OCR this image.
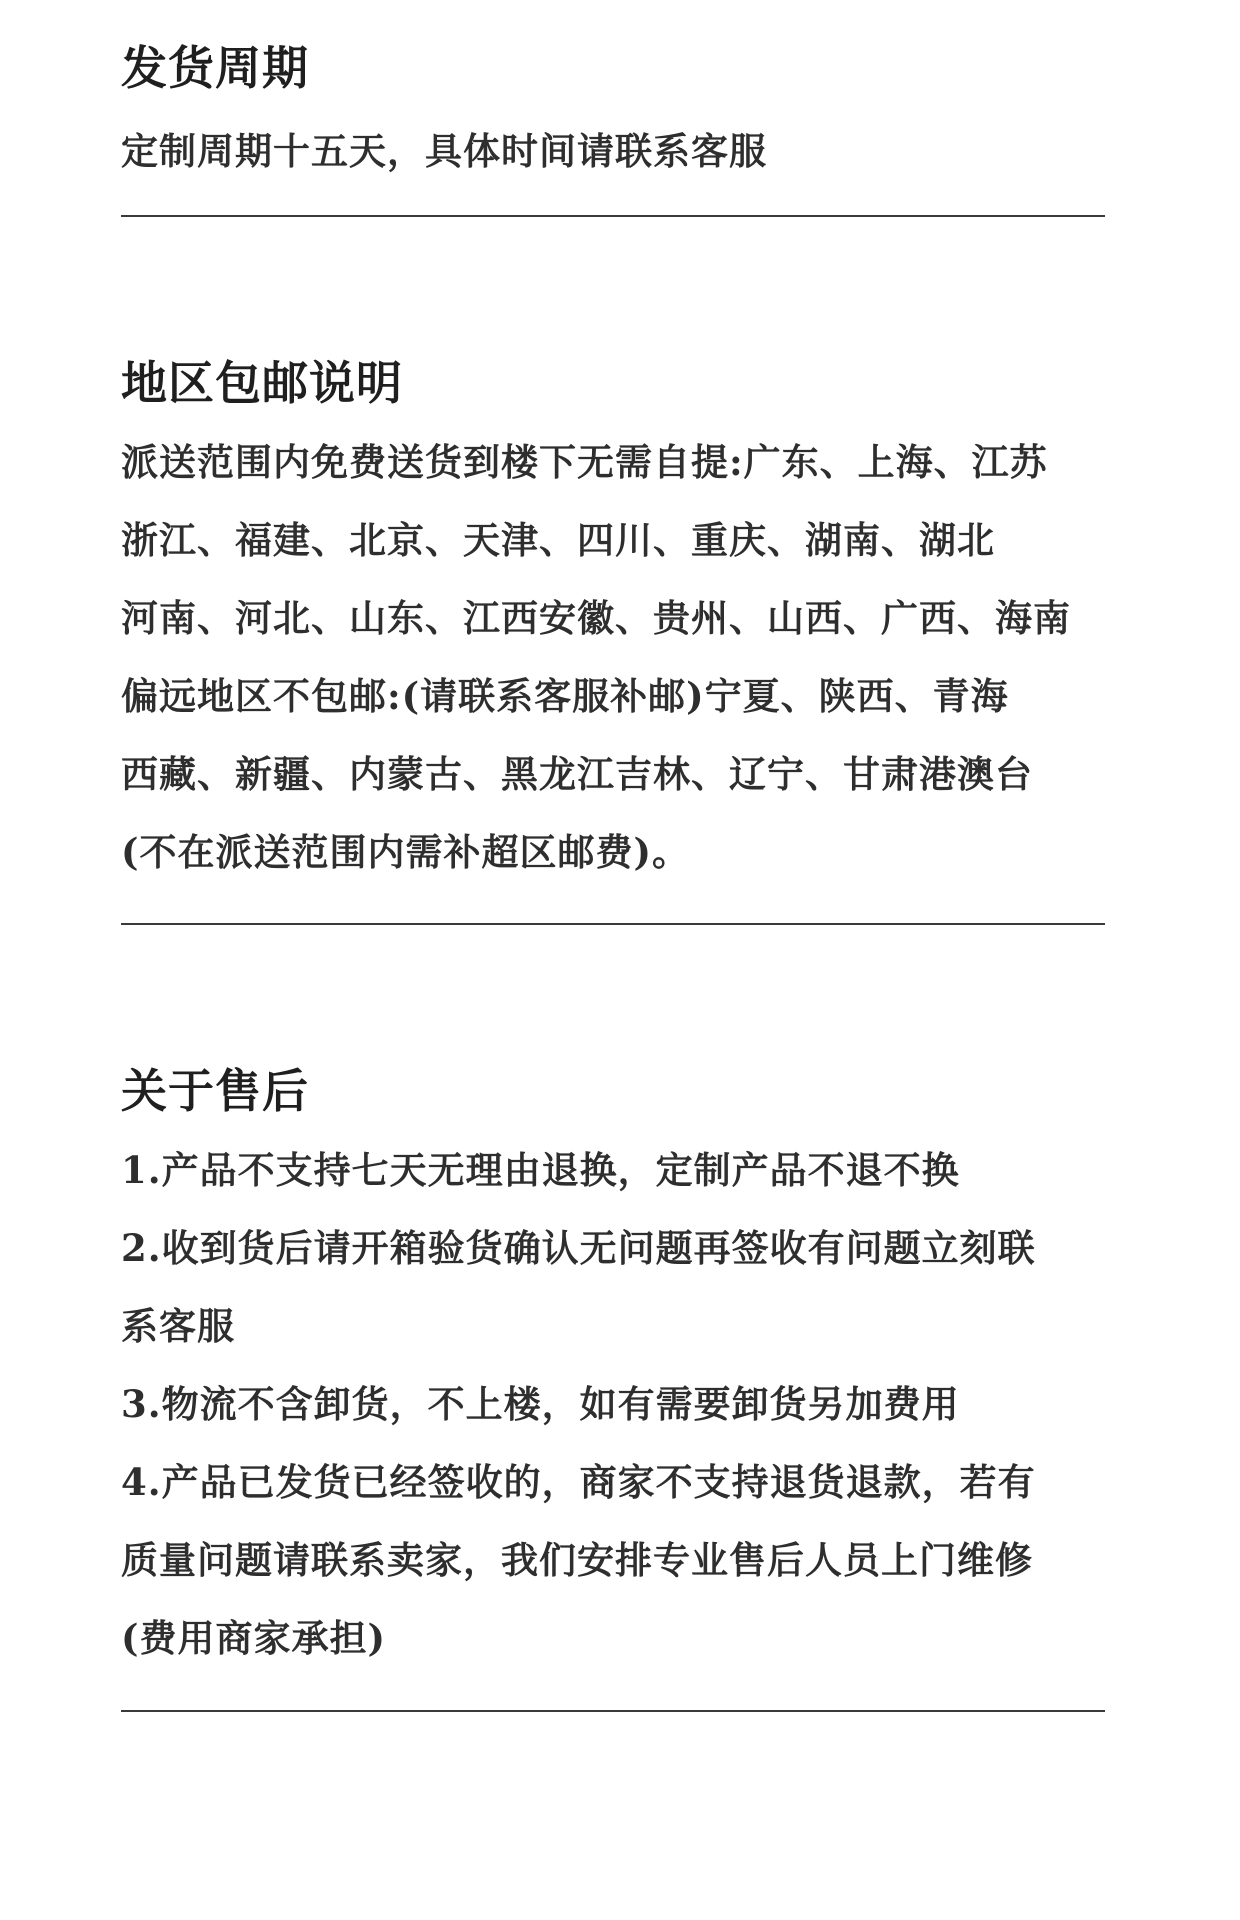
发货周期

定制周期十五天，具体时间请联系客服

地区包邮说明

派送范围内免费送货到楼下无需自提:广东、上海、江苏
浙江、福建、北京、天津、四川、重庆、湖南、湖北
河南、河北、山东、江西安徽、贵州、山西、广西、海南
偏远地区不包邮:(请联系客服补邮)宁夏、陕西、青海
西藏、新疆、内蒙古、黑龙江吉林、辽宁、甘肃港澳台
(不在派送范围内需补超区邮费)。

关于售后

1.产品不支持七天无理由退换，定制产品不退不换
2.收到货后请开箱验货确认无问题再签收有问题立刻联
系客服
3.物流不含卸货，不上楼，如有需要卸货另加费用
4.产品已发货已经签收的，商家不支持退货退款，若有
质量问题请联系卖家，我们安排专业售后人员上门维修
(费用商家承担)
